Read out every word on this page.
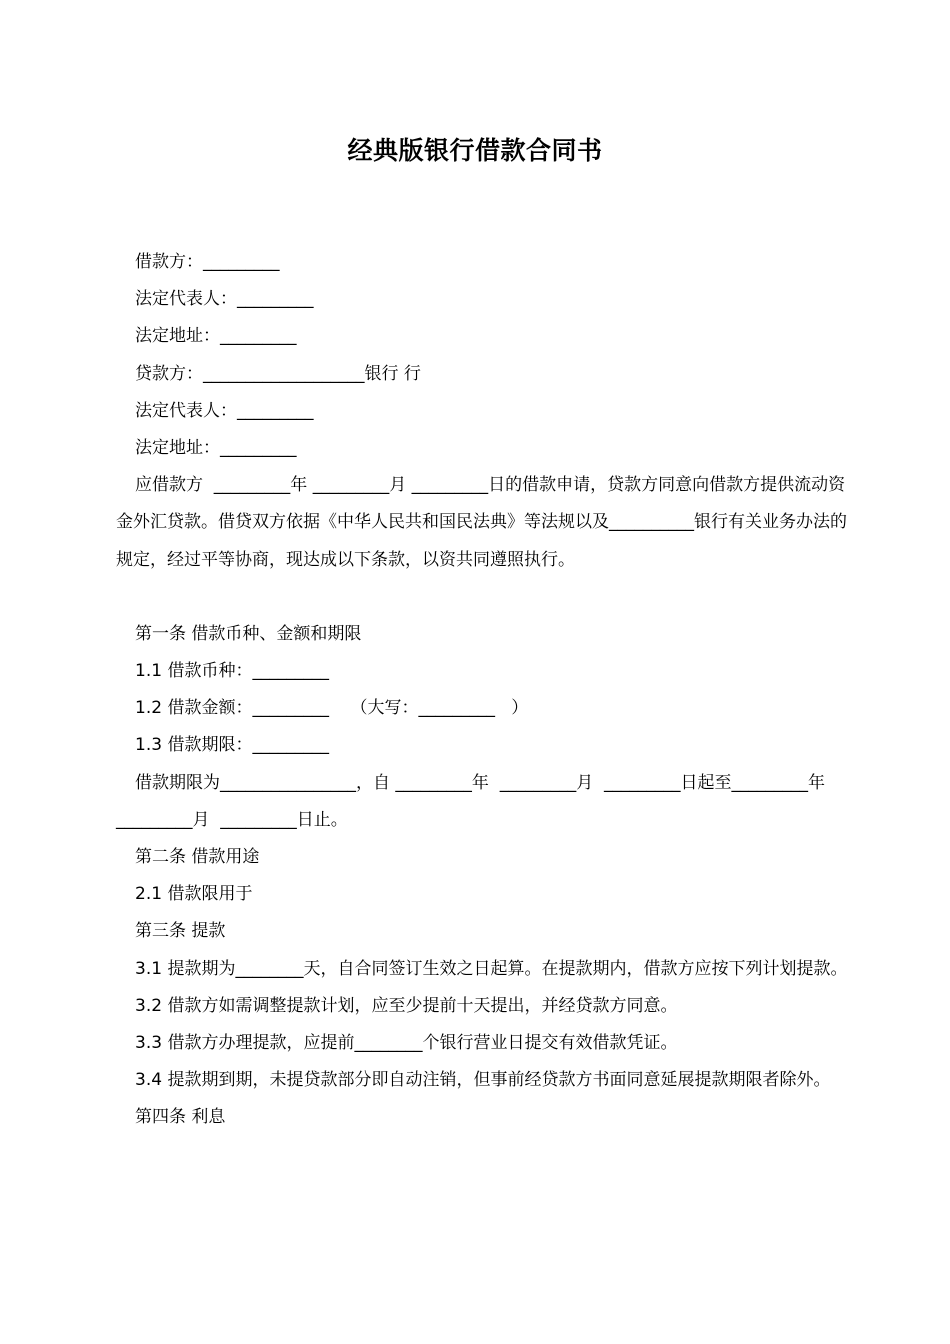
经典版银行借款合同书

借款方：_________

法定代表人：_________

法定地址：_________

贷款方：___________________银行 行

法定代表人：_________

法定地址：_________

应借款方  _________年 _________月 _________日的借款申请，贷款方同意向借款方提供流动资金外汇贷款。借贷双方依据《中华人民共和国民法典》等法规以及__________银行有关业务办法的规定，经过平等协商，现达成以下条款，以资共同遵照执行。

第一条 借款币种、金额和期限

1.1 借款币种：_________

1.2 借款金额：_________    （大写：_________   ）

1.3 借款期限：_________

借款期限为________________，自 _________年  _________月  _________日起至_________年  _________月  _________日止。

第二条 借款用途

2.1 借款限用于

第三条 提款

3.1 提款期为________天，自合同签订生效之日起算。在提款期内，借款方应按下列计划提款。

3.2 借款方如需调整提款计划，应至少提前十天提出，并经贷款方同意。

3.3 借款方办理提款，应提前________个银行营业日提交有效借款凭证。

3.4 提款期到期，未提贷款部分即自动注销，但事前经贷款方书面同意延展提款期限者除外。

第四条 利息
